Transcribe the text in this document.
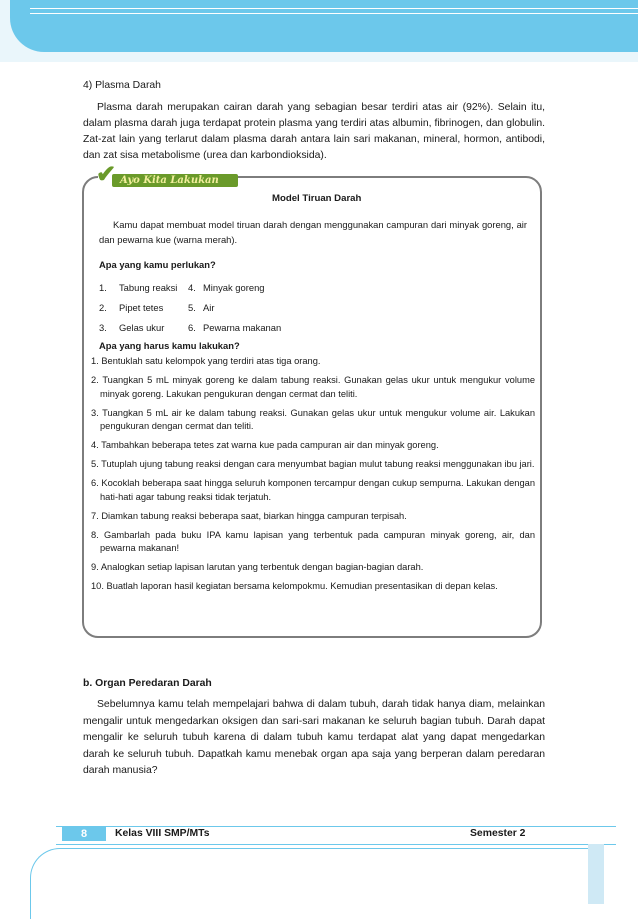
4) Plasma Darah
Plasma darah merupakan cairan darah yang sebagian besar terdiri atas air (92%). Selain itu, dalam plasma darah juga terdapat protein plasma yang terdiri atas albumin, fibrinogen, dan globulin. Zat-zat lain yang terlarut dalam plasma darah antara lain sari makanan, mineral, hormon, antibodi, dan zat sisa metabolisme (urea dan karbondioksida).
Ayo Kita Lakukan
✔
Model Tiruan Darah
Kamu dapat membuat model tiruan darah dengan menggunakan campuran dari minyak goreng, air dan pewarna kue (warna merah).
Apa yang kamu perlukan?
1. Tabung reaksi
2. Pipet tetes
3. Gelas ukur
4. Minyak goreng
5. Air
6. Pewarna makanan
Apa yang harus kamu lakukan?
1. Bentuklah satu kelompok yang terdiri atas tiga orang.
2. Tuangkan 5 mL minyak goreng ke dalam tabung reaksi. Gunakan gelas ukur untuk mengukur volume minyak goreng. Lakukan pengukuran dengan cermat dan teliti.
3. Tuangkan 5 mL air ke dalam tabung reaksi. Gunakan gelas ukur untuk mengukur volume air. Lakukan pengukuran dengan cermat dan teliti.
4. Tambahkan beberapa tetes zat warna kue pada campuran air dan minyak goreng.
5. Tutuplah ujung tabung reaksi dengan cara menyumbat bagian mulut tabung reaksi menggunakan ibu jari.
6. Kocoklah beberapa saat hingga seluruh komponen tercampur dengan cukup sempurna. Lakukan dengan hati-hati agar tabung reaksi tidak terjatuh.
7. Diamkan tabung reaksi beberapa saat, biarkan hingga campuran terpisah.
8. Gambarlah pada buku IPA kamu lapisan yang terbentuk pada campuran minyak goreng, air, dan pewarna makanan!
9. Analogkan setiap lapisan larutan yang terbentuk dengan bagian-bagian darah.
10. Buatlah laporan hasil kegiatan bersama kelompokmu. Kemudian presentasikan di depan kelas.
b. Organ Peredaran Darah
Sebelumnya kamu telah mempelajari bahwa di dalam tubuh, darah tidak hanya diam, melainkan mengalir untuk mengedarkan oksigen dan sari-sari makanan ke seluruh bagian tubuh. Darah dapat mengalir ke seluruh tubuh karena di dalam tubuh kamu terdapat alat yang dapat mengedarkan darah ke seluruh tubuh. Dapatkah kamu menebak organ apa saja yang berperan dalam peredaran darah manusia?
8	Kelas VIII SMP/MTs	Semester 2
